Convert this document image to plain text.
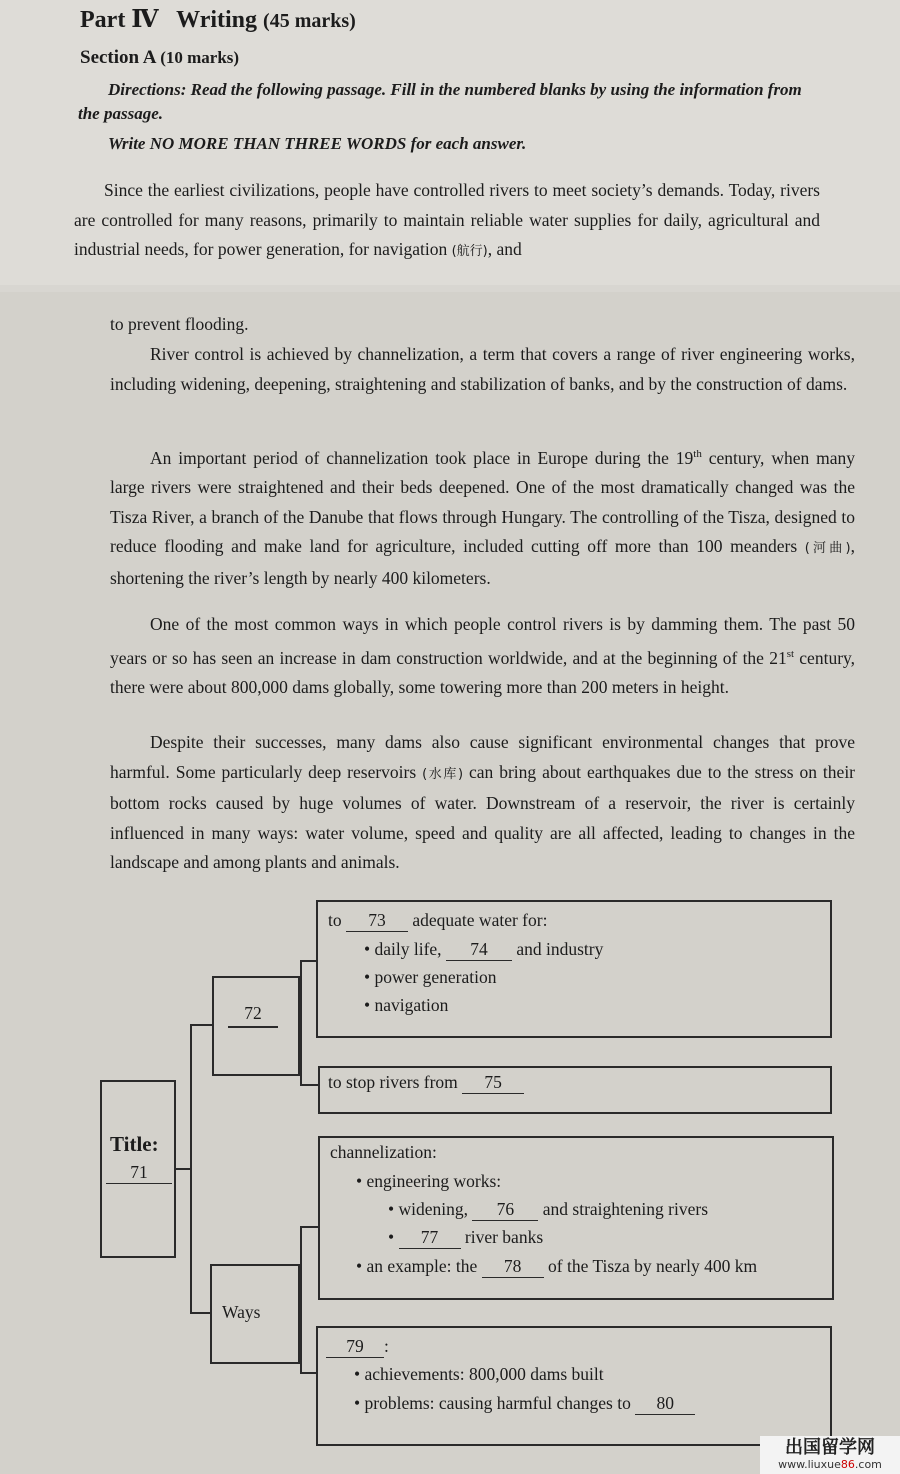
Part Ⅳ Writing (45 marks)
Section A (10 marks)
Directions: Read the following passage. Fill in the numbered blanks by using the information from the passage.
Write NO MORE THAN THREE WORDS for each answer.
Since the earliest civilizations, people have controlled rivers to meet society’s demands. Today, rivers are controlled for many reasons, primarily to maintain reliable water supplies for daily, agricultural and industrial needs, for power generation, for navigation (航行), and
to prevent flooding.
River control is achieved by channelization, a term that covers a range of river engineering works, including widening, deepening, straightening and stabilization of banks, and by the construction of dams.
An important period of channelization took place in Europe during the 19th century, when many large rivers were straightened and their beds deepened. One of the most dramatically changed was the Tisza River, a branch of the Danube that flows through Hungary. The controlling of the Tisza, designed to reduce flooding and make land for agriculture, included cutting off more than 100 meanders (河曲), shortening the river’s length by nearly 400 kilometers.
One of the most common ways in which people control rivers is by damming them. The past 50 years or so has seen an increase in dam construction worldwide, and at the beginning of the 21st century, there were about 800,000 dams globally, some towering more than 200 meters in height.
Despite their successes, many dams also cause significant environmental changes that prove harmful. Some particularly deep reservoirs (水库) can bring about earthquakes due to the stress on their bottom rocks caused by huge volumes of water. Downstream of a reservoir, the river is certainly influenced in many ways: water volume, speed and quality are all affected, leading to changes in the landscape and among plants and animals.
Title:
71
72
Ways
to 73 adequate water for:
• daily life, 74 and industry
• power generation
• navigation
to stop rivers from 75
channelization:
• engineering works:
• widening, 76 and straightening rivers
• 77 river banks
• an example: the 78 of the Tisza by nearly 400 km
79 :
• achievements: 800,000 dams built
• problems: causing harmful changes to 80
出国留学网
www.liuxue86.com
